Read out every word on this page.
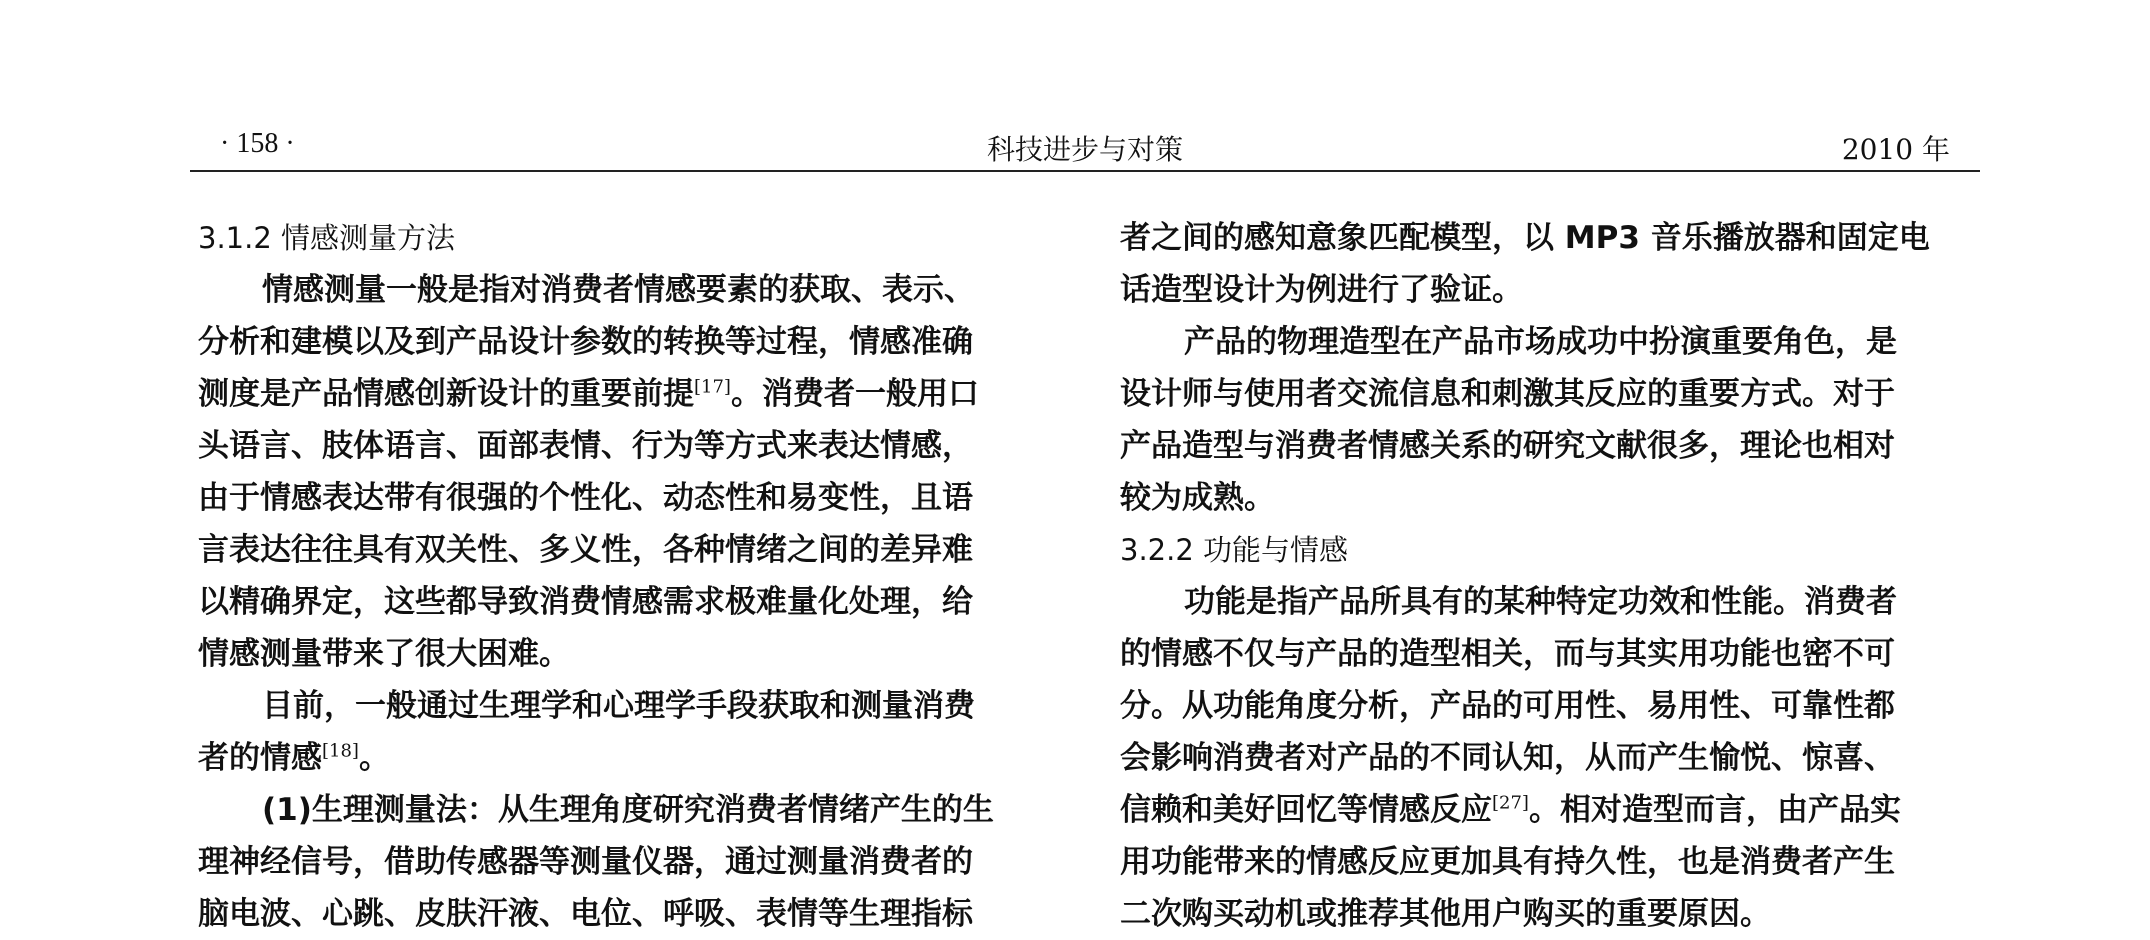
· 158 ·	科技进步与对策	2010 年
3.1.2 情感测量方法
情感测量一般是指对消费者情感要素的获取、表示、
分析和建模以及到产品设计参数的转换等过程，情感准确
测度是产品情感创新设计的重要前提[17]。消费者一般用口
头语言、肢体语言、面部表情、行为等方式来表达情感，
由于情感表达带有很强的个性化、动态性和易变性，且语
言表达往往具有双关性、多义性，各种情绪之间的差异难
以精确界定，这些都导致消费情感需求极难量化处理，给
情感测量带来了很大困难。
目前，一般通过生理学和心理学手段获取和测量消费
者的情感[18]。
(1)生理测量法：从生理角度研究消费者情绪产生的生
理神经信号，借助传感器等测量仪器，通过测量消费者的
脑电波、心跳、皮肤汗液、电位、呼吸、表情等生理指标
者之间的感知意象匹配模型，以 MP3 音乐播放器和固定电
话造型设计为例进行了验证。
产品的物理造型在产品市场成功中扮演重要角色，是
设计师与使用者交流信息和刺激其反应的重要方式。对于
产品造型与消费者情感关系的研究文献很多，理论也相对
较为成熟。
3.2.2 功能与情感
功能是指产品所具有的某种特定功效和性能。消费者
的情感不仅与产品的造型相关，而与其实用功能也密不可
分。从功能角度分析，产品的可用性、易用性、可靠性都
会影响消费者对产品的不同认知，从而产生愉悦、惊喜、
信赖和美好回忆等情感反应[27]。相对造型而言，由产品实
用功能带来的情感反应更加具有持久性，也是消费者产生
二次购买动机或推荐其他用户购买的重要原因。
